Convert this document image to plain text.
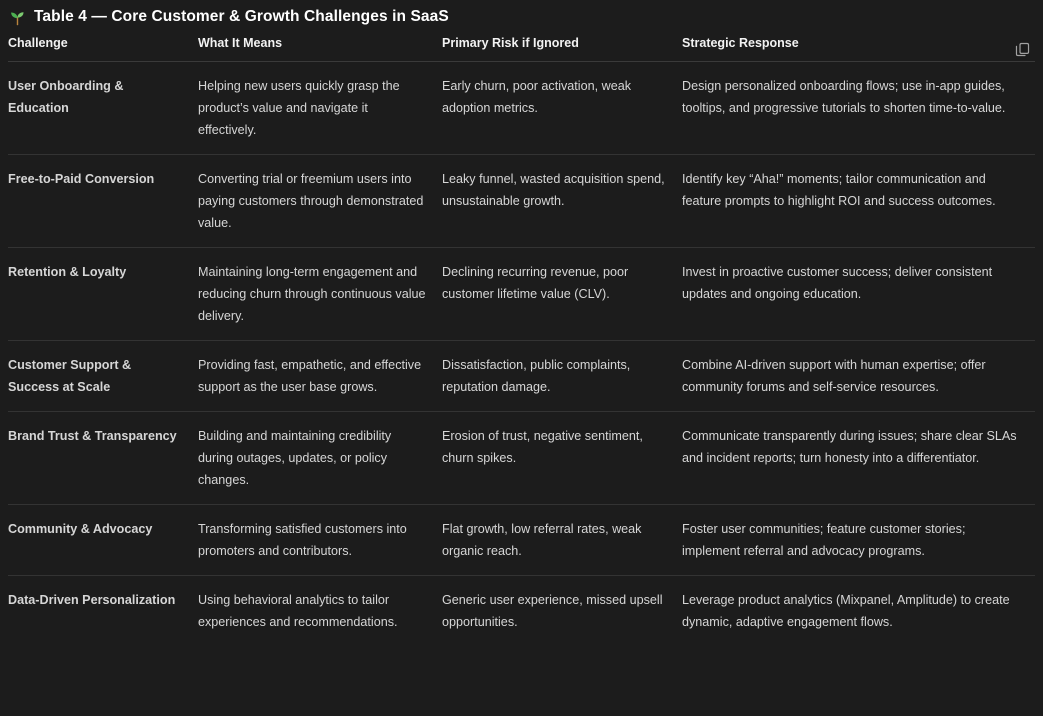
Table 4 — Core Customer & Growth Challenges in SaaS
Challenge	What It Means	Primary Risk if Ignored	Strategic Response
User Onboarding & Education	Helping new users quickly grasp the product’s value and navigate it effectively.	Early churn, poor activation, weak adoption metrics.	Design personalized onboarding flows; use in-app guides, tooltips, and progressive tutorials to shorten time-to-value.
Free-to-Paid Conversion	Converting trial or freemium users into paying customers through demonstrated value.	Leaky funnel, wasted acquisition spend, unsustainable growth.	Identify key “Aha!” moments; tailor communication and feature prompts to highlight ROI and success outcomes.
Retention & Loyalty	Maintaining long-term engagement and reducing churn through continuous value delivery.	Declining recurring revenue, poor customer lifetime value (CLV).	Invest in proactive customer success; deliver consistent updates and ongoing education.
Customer Support & Success at Scale	Providing fast, empathetic, and effective support as the user base grows.	Dissatisfaction, public complaints, reputation damage.	Combine AI-driven support with human expertise; offer community forums and self-service resources.
Brand Trust & Transparency	Building and maintaining credibility during outages, updates, or policy changes.	Erosion of trust, negative sentiment, churn spikes.	Communicate transparently during issues; share clear SLAs and incident reports; turn honesty into a differentiator.
Community & Advocacy	Transforming satisfied customers into promoters and contributors.	Flat growth, low referral rates, weak organic reach.	Foster user communities; feature customer stories; implement referral and advocacy programs.
Data-Driven Personalization	Using behavioral analytics to tailor experiences and recommendations.	Generic user experience, missed upsell opportunities.	Leverage product analytics (Mixpanel, Amplitude) to create dynamic, adaptive engagement flows.
